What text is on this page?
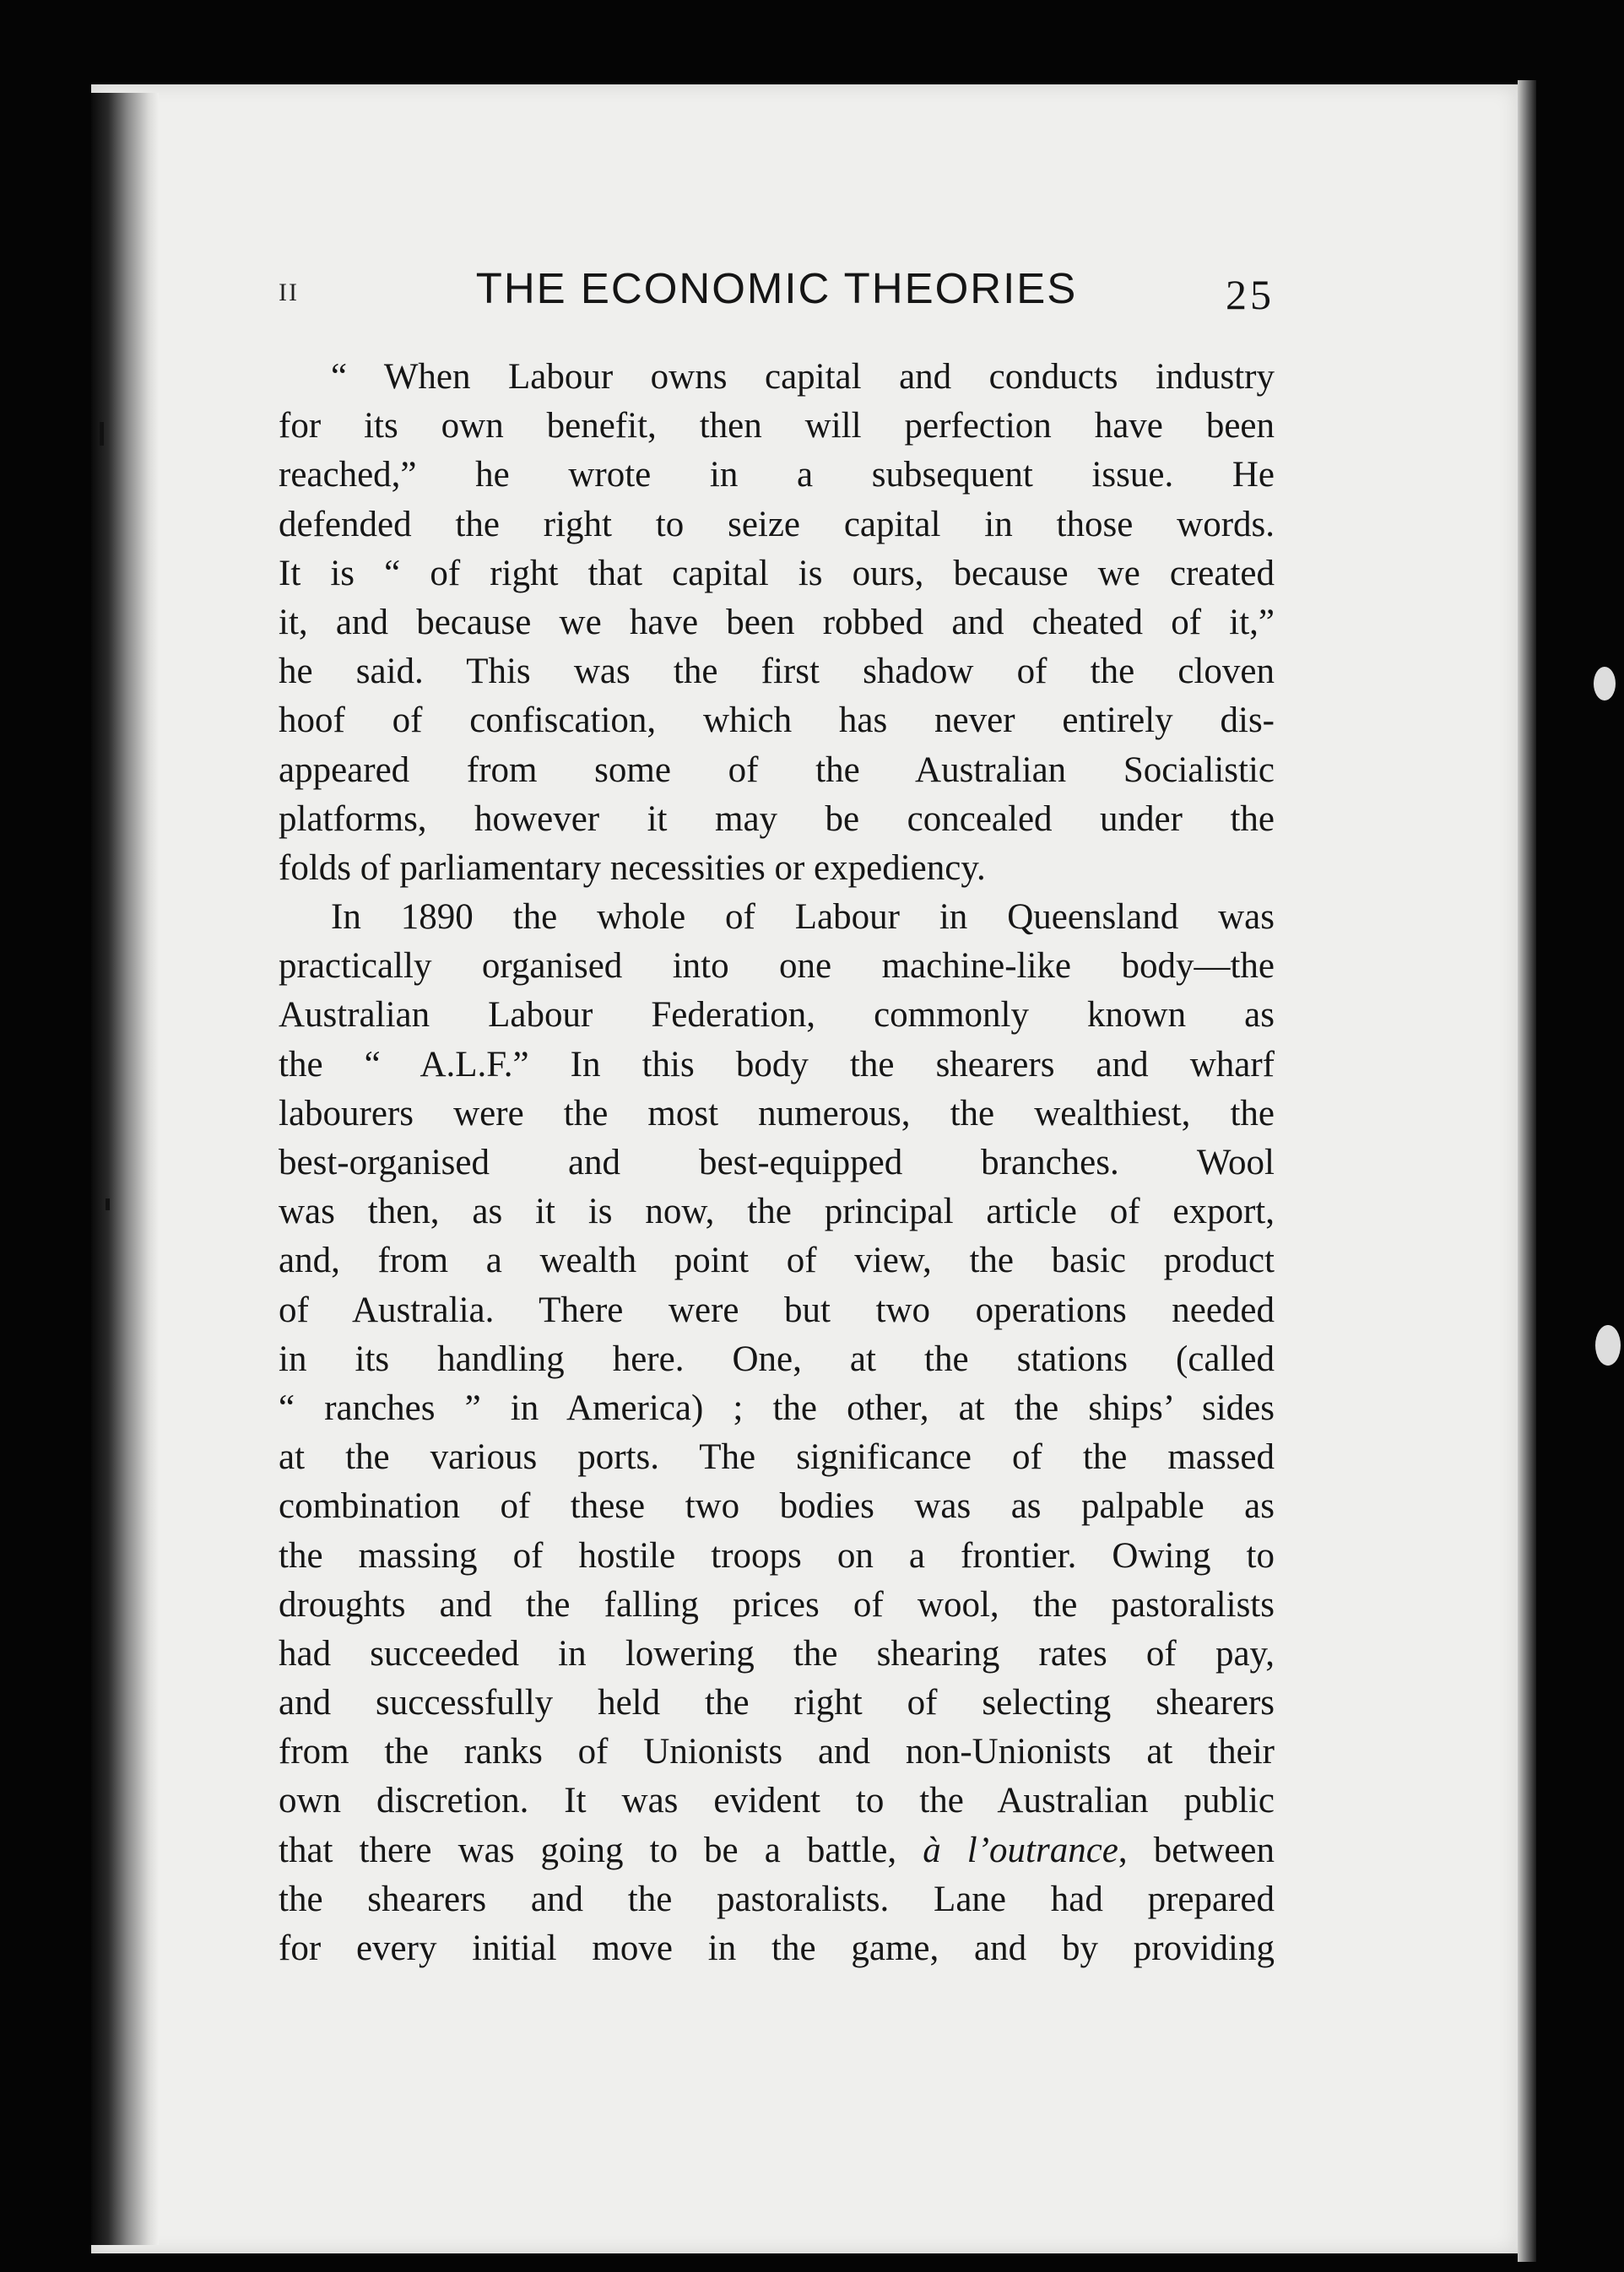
II	THE ECONOMIC THEORIES	25
“ When Labour owns capital and conducts industry
for its own benefit, then will perfection have been
reached,” he wrote in a subsequent issue. He
defended the right to seize capital in those words.
It is “ of right that capital is ours, because we created
it, and because we have been robbed and cheated of it,”
he said. This was the first shadow of the cloven
hoof of confiscation, which has never entirely dis-
appeared from some of the Australian Socialistic
platforms, however it may be concealed under the
folds of parliamentary necessities or expediency.
In 1890 the whole of Labour in Queensland was
practically organised into one machine-like body—the
Australian Labour Federation, commonly known as
the “ A.L.F.” In this body the shearers and wharf
labourers were the most numerous, the wealthiest, the
best-organised and best-equipped branches. Wool
was then, as it is now, the principal article of export,
and, from a wealth point of view, the basic product
of Australia. There were but two operations needed
in its handling here. One, at the stations (called
“ ranches ” in America) ; the other, at the ships’ sides
at the various ports. The significance of the massed
combination of these two bodies was as palpable as
the massing of hostile troops on a frontier. Owing to
droughts and the falling prices of wool, the pastoralists
had succeeded in lowering the shearing rates of pay,
and successfully held the right of selecting shearers
from the ranks of Unionists and non-Unionists at their
own discretion. It was evident to the Australian public
that there was going to be a battle, à l’outrance, between
the shearers and the pastoralists. Lane had prepared
for every initial move in the game, and by providing
